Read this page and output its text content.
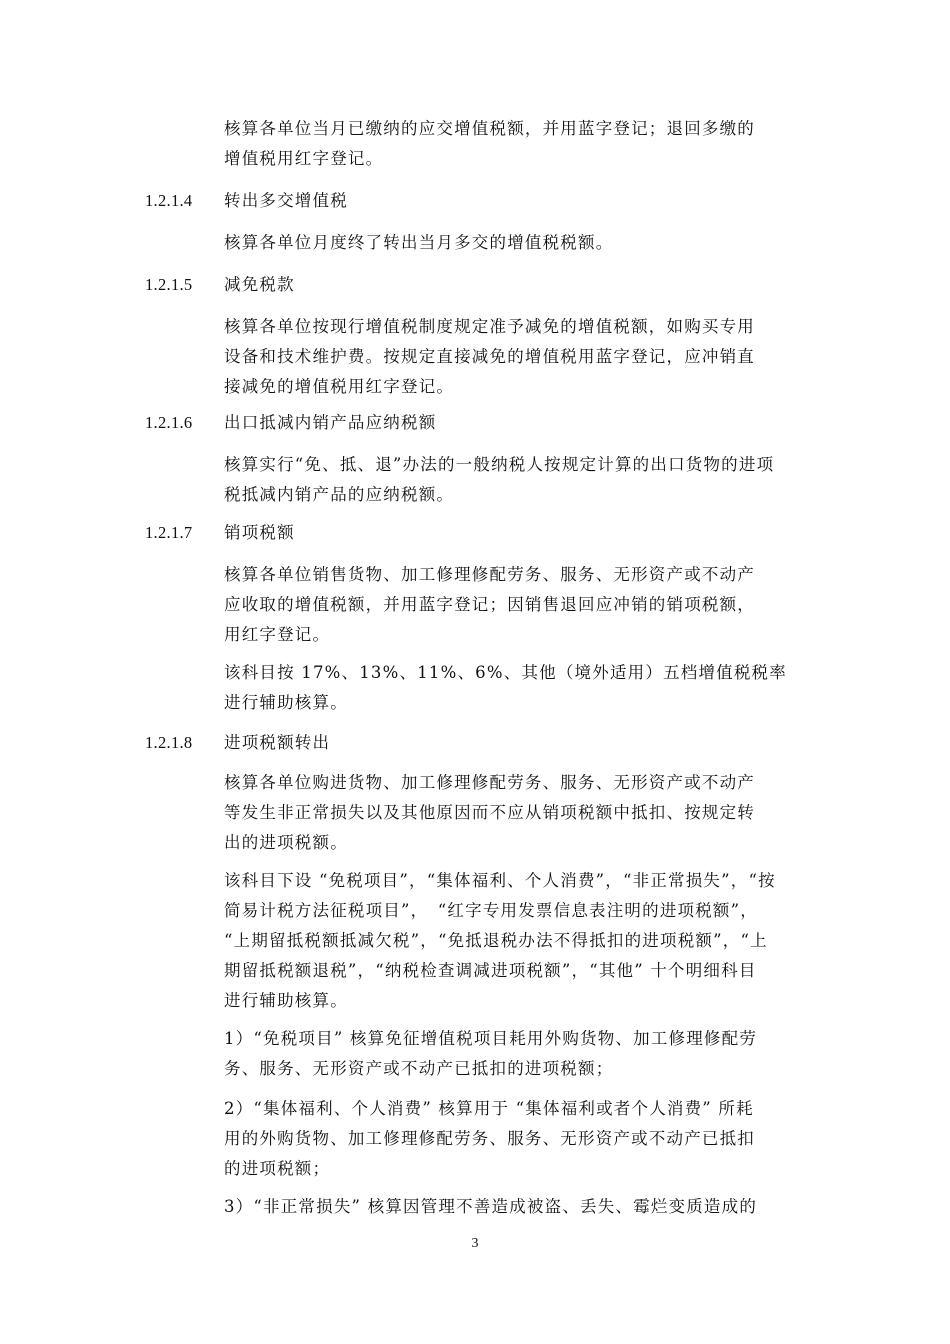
核算各单位当月已缴纳的应交增值税额，并用蓝字登记；退回多缴的
增值税用红字登记。

1.2.1.4 转出多交增值税

核算各单位月度终了转出当月多交的增值税税额。

1.2.1.5 减免税款

核算各单位按现行增值税制度规定准予减免的增值税额，如购买专用
设备和技术维护费。按规定直接减免的增值税用蓝字登记，应冲销直
接减免的增值税用红字登记。

1.2.1.6 出口抵减内销产品应纳税额

核算实行“免、抵、退”办法的一般纳税人按规定计算的出口货物的进项
税抵减内销产品的应纳税额。

1.2.1.7 销项税额

核算各单位销售货物、加工修理修配劳务、服务、无形资产或不动产
应收取的增值税额，并用蓝字登记；因销售退回应冲销的销项税额，
用红字登记。

该科目按 17%、13%、11%、6%、其他（境外适用）五档增值税税率
进行辅助核算。

1.2.1.8 进项税额转出

核算各单位购进货物、加工修理修配劳务、服务、无形资产或不动产
等发生非正常损失以及其他原因而不应从销项税额中抵扣、按规定转
出的进项税额。

该科目下设 “免税项目”，“集体福利、个人消费”，“非正常损失”，“按
简易计税方法征税项目”，　“红字专用发票信息表注明的进项税额”，
“上期留抵税额抵减欠税”，“免抵退税办法不得抵扣的进项税额”，“上
期留抵税额退税”，“纳税检查调减进项税额”，“其他” 十个明细科目
进行辅助核算。

1）“免税项目” 核算免征增值税项目耗用外购货物、加工修理修配劳
务、服务、无形资产或不动产已抵扣的进项税额；

2）“集体福利、个人消费” 核算用于 “集体福利或者个人消费” 所耗
用的外购货物、加工修理修配劳务、服务、无形资产或不动产已抵扣
的进项税额；

3）“非正常损失” 核算因管理不善造成被盗、丢失、霉烂变质造成的

3
